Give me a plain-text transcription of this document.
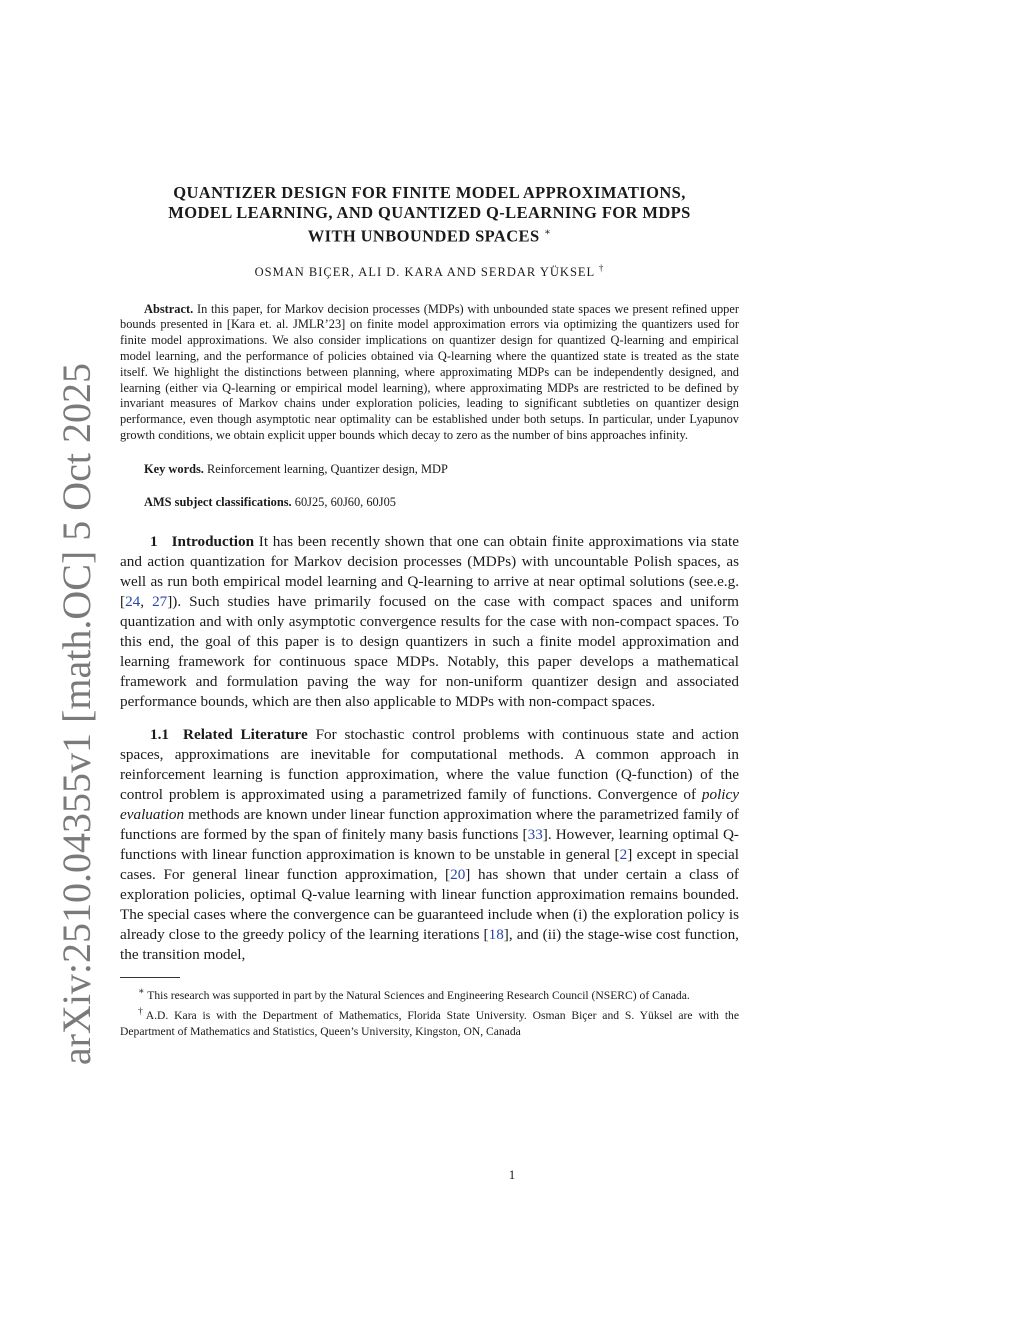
arXiv:2510.04355v1 [math.OC] 5 Oct 2025
QUANTIZER DESIGN FOR FINITE MODEL APPROXIMATIONS,
MODEL LEARNING, AND QUANTIZED Q-LEARNING FOR MDPS
WITH UNBOUNDED SPACES ∗
OSMAN BIÇER, ALI D. KARA AND SERDAR YÜKSEL †
Abstract. In this paper, for Markov decision processes (MDPs) with unbounded state spaces we present refined upper bounds presented in [Kara et. al. JMLR’23] on finite model approximation errors via optimizing the quantizers used for finite model approximations. We also consider implications on quantizer design for quantized Q-learning and empirical model learning, and the performance of policies obtained via Q-learning where the quantized state is treated as the state itself. We highlight the distinctions between planning, where approximating MDPs can be independently designed, and learning (either via Q-learning or empirical model learning), where approximating MDPs are restricted to be defined by invariant measures of Markov chains under exploration policies, leading to significant subtleties on quantizer design performance, even though asymptotic near optimality can be established under both setups. In particular, under Lyapunov growth conditions, we obtain explicit upper bounds which decay to zero as the number of bins approaches infinity.
Key words. Reinforcement learning, Quantizer design, MDP
AMS subject classifications. 60J25, 60J60, 60J05
1 Introduction It has been recently shown that one can obtain finite approximations via state and action quantization for Markov decision processes (MDPs) with uncountable Polish spaces, as well as run both empirical model learning and Q-learning to arrive at near optimal solutions (see.e.g. [24, 27]). Such studies have primarily focused on the case with compact spaces and uniform quantization and with only asymptotic convergence results for the case with non-compact spaces. To this end, the goal of this paper is to design quantizers in such a finite model approximation and learning framework for continuous space MDPs. Notably, this paper develops a mathematical framework and formulation paving the way for non-uniform quantizer design and associated performance bounds, which are then also applicable to MDPs with non-compact spaces.
1.1 Related Literature For stochastic control problems with continuous state and action spaces, approximations are inevitable for computational methods. A common approach in reinforcement learning is function approximation, where the value function (Q-function) of the control problem is approximated using a parametrized family of functions. Convergence of policy evaluation methods are known under linear function approximation where the parametrized family of functions are formed by the span of finitely many basis functions [33]. However, learning optimal Q-functions with linear function approximation is known to be unstable in general [2] except in special cases. For general linear function approximation, [20] has shown that under certain a class of exploration policies, optimal Q-value learning with linear function approximation remains bounded. The special cases where the convergence can be guaranteed include when (i) the exploration policy is already close to the greedy policy of the learning iterations [18], and (ii) the stage-wise cost function, the transition model,

∗ This research was supported in part by the Natural Sciences and Engineering Research Council (NSERC) of Canada.

†A.D. Kara is with the Department of Mathematics, Florida State University. Osman Biçer and S. Yüksel are with the Department of Mathematics and Statistics, Queen’s University, Kingston, ON, Canada

1
